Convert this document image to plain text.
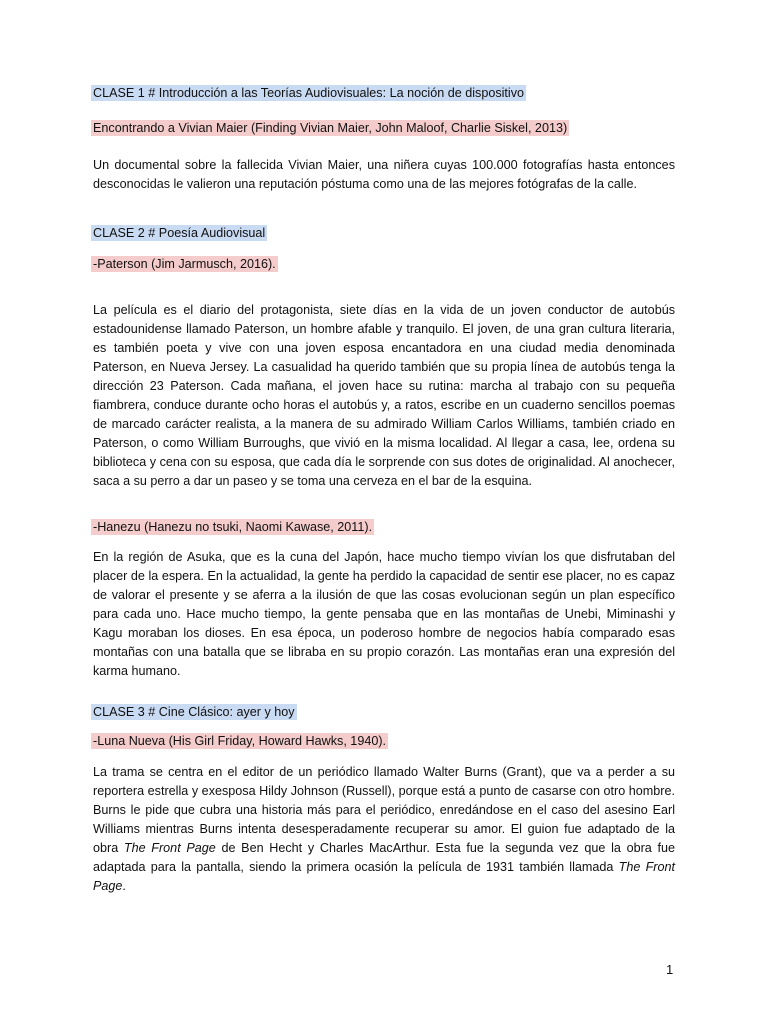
CLASE 1 # Introducción a las Teorías Audiovisuales: La noción de dispositivo
Encontrando a Vivian Maier (Finding Vivian Maier, John Maloof, Charlie Siskel, 2013)

Un documental sobre la fallecida Vivian Maier, una niñera cuyas 100.000 fotografías hasta entonces desconocidas le valieron una reputación póstuma como una de las mejores fotógrafas de la calle.

CLASE 2 # Poesía Audiovisual
-Paterson (Jim Jarmusch, 2016).

La película es el diario del protagonista, siete días en la vida de un joven conductor de autobús estadounidense llamado Paterson, un hombre afable y tranquilo. El joven, de una gran cultura literaria, es también poeta y vive con una joven esposa encantadora en una ciudad media denominada Paterson, en Nueva Jersey. La casualidad ha querido también que su propia línea de autobús tenga la dirección 23 Paterson. Cada mañana, el joven hace su rutina: marcha al trabajo con su pequeña fiambrera, conduce durante ocho horas el autobús y, a ratos, escribe en un cuaderno sencillos poemas de marcado carácter realista, a la manera de su admirado William Carlos Williams, también criado en Paterson, o como William Burroughs, que vivió en la misma localidad. Al llegar a casa, lee, ordena su biblioteca y cena con su esposa, que cada día le sorprende con sus dotes de originalidad. Al anochecer, saca a su perro a dar un paseo y se toma una cerveza en el bar de la esquina.

-Hanezu (Hanezu no tsuki, Naomi Kawase, 2011).

En la región de Asuka, que es la cuna del Japón, hace mucho tiempo vivían los que disfrutaban del placer de la espera. En la actualidad, la gente ha perdido la capacidad de sentir ese placer, no es capaz de valorar el presente y se aferra a la ilusión de que las cosas evolucionan según un plan específico para cada uno. Hace mucho tiempo, la gente pensaba que en las montañas de Unebi, Miminashi y Kagu moraban los dioses. En esa época, un poderoso hombre de negocios había comparado esas montañas con una batalla que se libraba en su propio corazón. Las montañas eran una expresión del karma humano.

CLASE 3 # Cine Clásico: ayer y hoy
-Luna Nueva (His Girl Friday, Howard Hawks, 1940).

La trama se centra en el editor de un periódico llamado Walter Burns (Grant), que va a perder a su reportera estrella y exesposa Hildy Johnson (Russell), porque está a punto de casarse con otro hombre. Burns le pide que cubra una historia más para el periódico, enredándose en el caso del asesino Earl Williams mientras Burns intenta desesperadamente recuperar su amor. El guion fue adaptado de la obra The Front Page de Ben Hecht y Charles MacArthur. Esta fue la segunda vez que la obra fue adaptada para la pantalla, siendo la primera ocasión la película de 1931 también llamada The Front Page.

1
